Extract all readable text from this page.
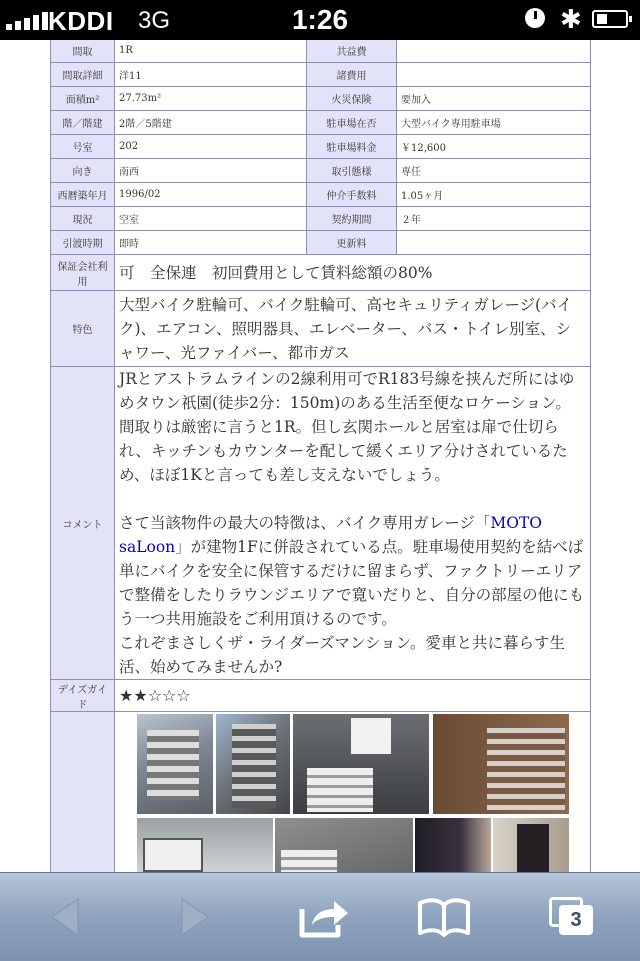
KDDI 3G	1:26	✱
間取	1R	共益費	
間取詳細	洋11	諸費用	
面積m²	27.73m²	火災保険	要加入
階／階建	2階／5階建	駐車場在否	大型バイク専用駐車場
号室	202	駐車場料金	￥12,600
向き	南西	取引態様	専任
西暦築年月	1996/02	仲介手数料	1.05ヶ月
現況	空室	契約期間	２年
引渡時期	即時	更新料	
保証会社利用	可　全保連　初回費用として賃料総額の80%		
特色	大型バイク駐輪可、バイク駐輪可、高セキュリティガレージ(バイク)、エアコン、照明器具、エレベーター、バス・トイレ別室、シャワー、光ファイバー、都市ガス		
コメント	JRとアストラムラインの2線利用可でR183号線を挟んだ所にはゆめタウン祇園(徒歩2分：150m)のある生活至便なロケーション。
間取りは厳密に言うと1R。但し玄関ホールと居室は扉で仕切られ、キッチンもカウンターを配して緩くエリア分けされているため、ほぼ1Kと言っても差し支えないでしょう。
さて当該物件の最大の特徴は、バイク専用ガレージ「MOTO saLoon」が建物1Fに併設されている点。駐車場使用契約を結べば単にバイクを安全に保管するだけに留まらず、ファクトリーエリアで整備をしたりラウンジエリアで寛いだりと、自分の部屋の他にもう一つ共用施設をご利用頂けるのです。
これぞまさしくザ・ライダーズマンション。愛車と共に暮らす生活、始めてみませんか?		

デイズガイド	★★☆☆☆		

3
